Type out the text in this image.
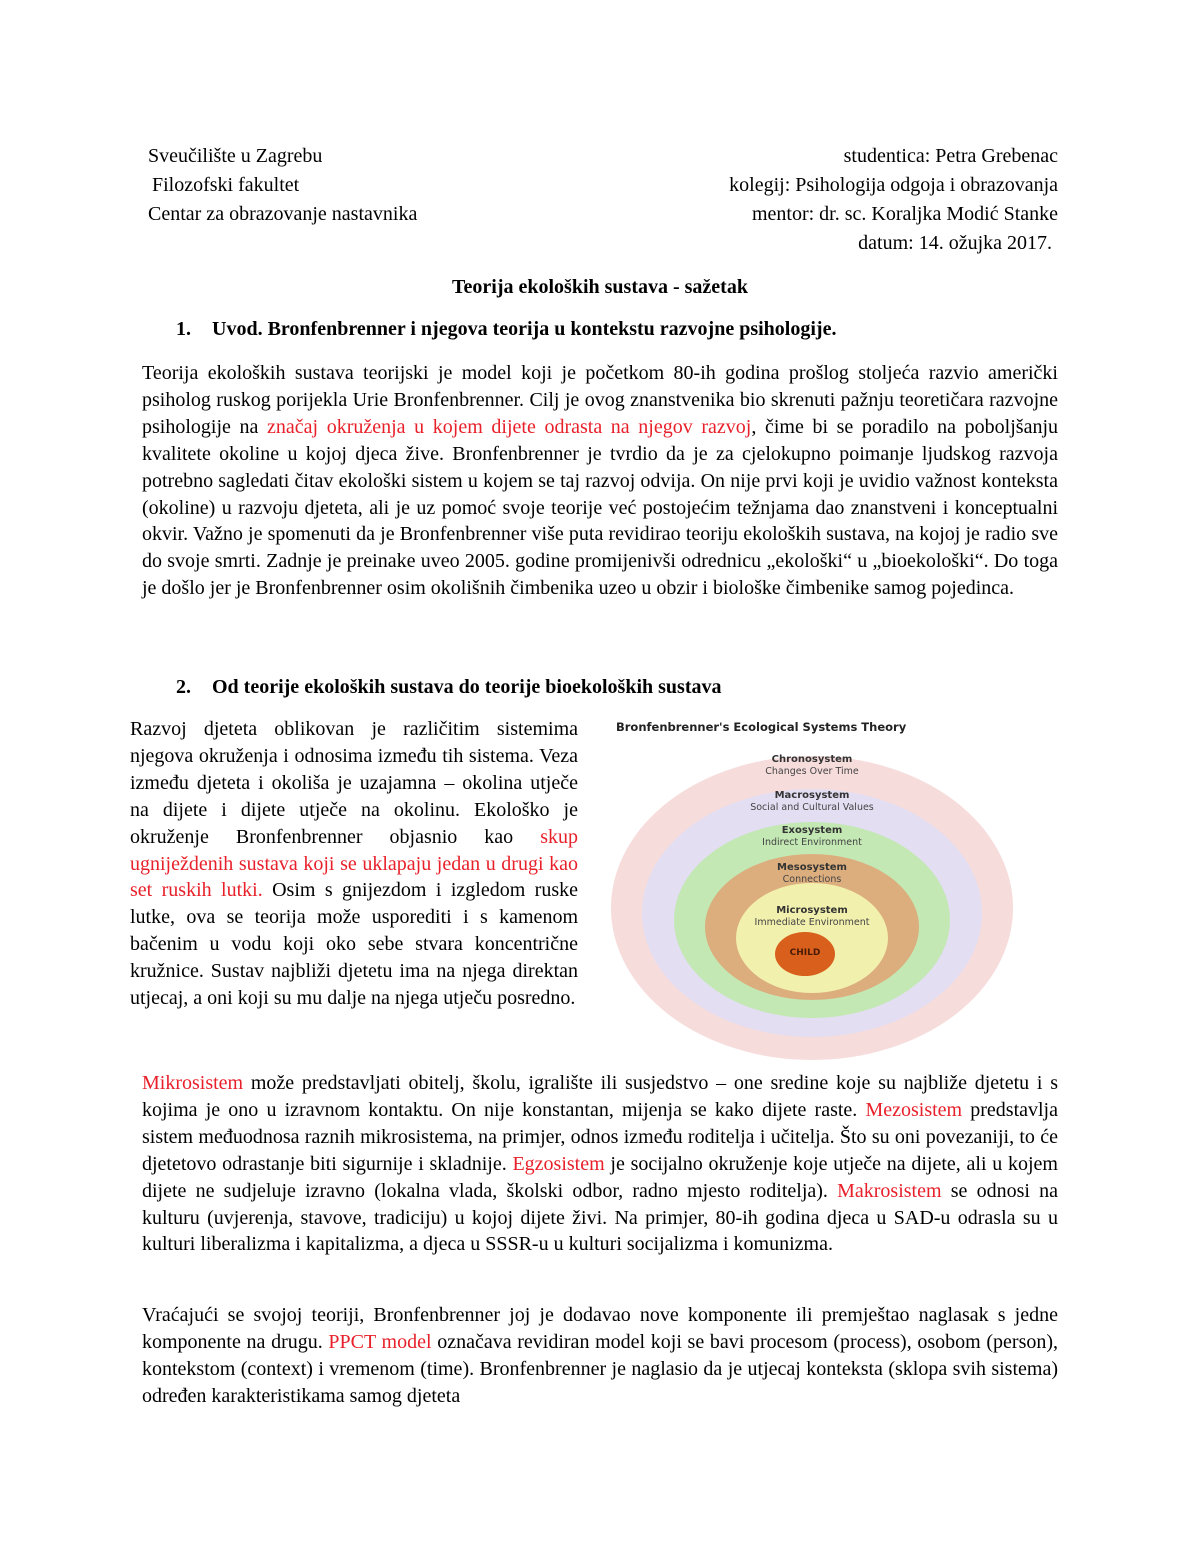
Sveučilište u Zagrebu
Filozofski fakultet
Centar za obrazovanje nastavnika
studentica: Petra Grebenac
kolegij: Psihologija odgoja i obrazovanja
mentor: dr. sc. Koraljka Modić Stanke
datum: 14. ožujka 2017.
Teorija ekoloških sustava - sažetak
1. Uvod. Bronfenbrenner i njegova teorija u kontekstu razvojne psihologije.
Teorija ekoloških sustava teorijski je model koji je početkom 80-ih godina prošlog stoljeća razvio američki psiholog ruskog porijekla Urie Bronfenbrenner. Cilj je ovog znanstvenika bio skrenuti pažnju teoretičara razvojne psihologije na značaj okruženja u kojem dijete odrasta na njegov razvoj, čime bi se poradilo na poboljšanju kvalitete okoline u kojoj djeca žive. Bronfenbrenner je tvrdio da je za cjelokupno poimanje ljudskog razvoja potrebno sagledati čitav ekološki sistem u kojem se taj razvoj odvija. On nije prvi koji je uvidio važnost konteksta (okoline) u razvoju djeteta, ali je uz pomoć svoje teorije već postojećim težnjama dao znanstveni i konceptualni okvir. Važno je spomenuti da je Bronfenbrenner više puta revidirao teoriju ekoloških sustava, na kojoj je radio sve do svoje smrti. Zadnje je preinake uveo 2005. godine promijenivši odrednicu „ekološki“ u „bioekološki“. Do toga je došlo jer je Bronfenbrenner osim okolišnih čimbenika uzeo u obzir i biološke čimbenike samog pojedinca.
2. Od teorije ekoloških sustava do teorije bioekoloških sustava
Razvoj djeteta oblikovan je različitim sistemima njegova okruženja i odnosima između tih sistema. Veza između djeteta i okoliša je uzajamna – okolina utječe na dijete i dijete utječe na okolinu. Ekološko je okruženje Bronfenbrenner objasnio kao skup ugniježdenih sustava koji se uklapaju jedan u drugi kao set ruskih lutki. Osim s gnijezdom i izgledom ruske lutke, ova se teorija može usporediti i s kamenom bačenim u vodu koji oko sebe stvara koncentrične kružnice. Sustav najbliži djetetu ima na njega direktan utjecaj, a oni koji su mu dalje na njega utječu posredno.
Bronfenbrenner's Ecological Systems Theory
Chronosystem
Changes Over Time
Macrosystem
Social and Cultural Values
Exosystem
Indirect Environment
Mesosystem
Connections
Microsystem
Immediate Environment
CHILD
Mikrosistem može predstavljati obitelj, školu, igralište ili susjedstvo – one sredine koje su najbliže djetetu i s kojima je ono u izravnom kontaktu. On nije konstantan, mijenja se kako dijete raste. Mezosistem predstavlja sistem međuodnosa raznih mikrosistema, na primjer, odnos između roditelja i učitelja. Što su oni povezaniji, to će djetetovo odrastanje biti sigurnije i skladnije. Egzosistem je socijalno okruženje koje utječe na dijete, ali u kojem dijete ne sudjeluje izravno (lokalna vlada, školski odbor, radno mjesto roditelja). Makrosistem se odnosi na kulturu (uvjerenja, stavove, tradiciju) u kojoj dijete živi. Na primjer, 80-ih godina djeca u SAD-u odrasla su u kulturi liberalizma i kapitalizma, a djeca u SSSR-u u kulturi socijalizma i komunizma.
Vraćajući se svojoj teoriji, Bronfenbrenner joj je dodavao nove komponente ili premještao naglasak s jedne komponente na drugu. PPCT model označava revidiran model koji se bavi procesom (process), osobom (person), kontekstom (context) i vremenom (time). Bronfenbrenner je naglasio da je utjecaj konteksta (sklopa svih sistema) određen karakteristikama samog djeteta
